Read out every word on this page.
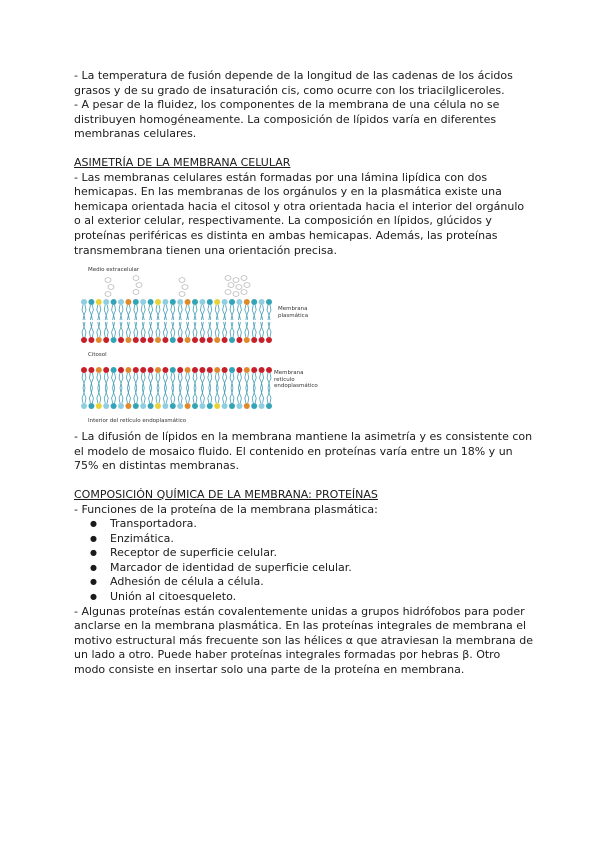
- La temperatura de fusión depende de la longitud de las cadenas de los ácidos grasos y de su grado de insaturación cis, como ocurre con los triacilgliceroles.

- A pesar de la fluidez, los componentes de la membrana de una célula no se distribuyen homogéneamente. La composición de lípidos varía en diferentes membranas celulares.

ASIMETRÍA DE LA MEMBRANA CELULAR

- Las membranas celulares están formadas por una lámina lipídica con dos hemicapas. En las membranas de los orgánulos y en la plasmática existe una hemicapa orientada hacia el citosol y otra orientada hacia el interior del orgánulo o al exterior celular, respectivamente. La composición en lípidos, glúcidos y proteínas periféricas es distinta en ambas hemicapas. Además, las proteínas transmembrana tienen una orientación precisa.

Medio extracelular
Membrana plasmática
Citosol
Membrana retículo endoplasmático
Interior del retículo endoplasmático

- La difusión de lípidos en la membrana mantiene la asimetría y es consistente con el modelo de mosaico fluido. El contenido en proteínas varía entre un 18% y un 75% en distintas membranas.

COMPOSICIÓN QUÍMICA DE LA MEMBRANA: PROTEÍNAS

- Funciones de la proteína de la membrana plasmática:

● Transportadora.
● Enzimática.
● Receptor de superficie celular.
● Marcador de identidad de superficie celular.
● Adhesión de célula a célula.
● Unión al citoesqueleto.

- Algunas proteínas están covalentemente unidas a grupos hidrófobos para poder anclarse en la membrana plasmática. En las proteínas integrales de membrana el motivo estructural más frecuente son las hélices α que atraviesan la membrana de un lado a otro. Puede haber proteínas integrales formadas por hebras β. Otro modo consiste en insertar solo una parte de la proteína en membrana.
